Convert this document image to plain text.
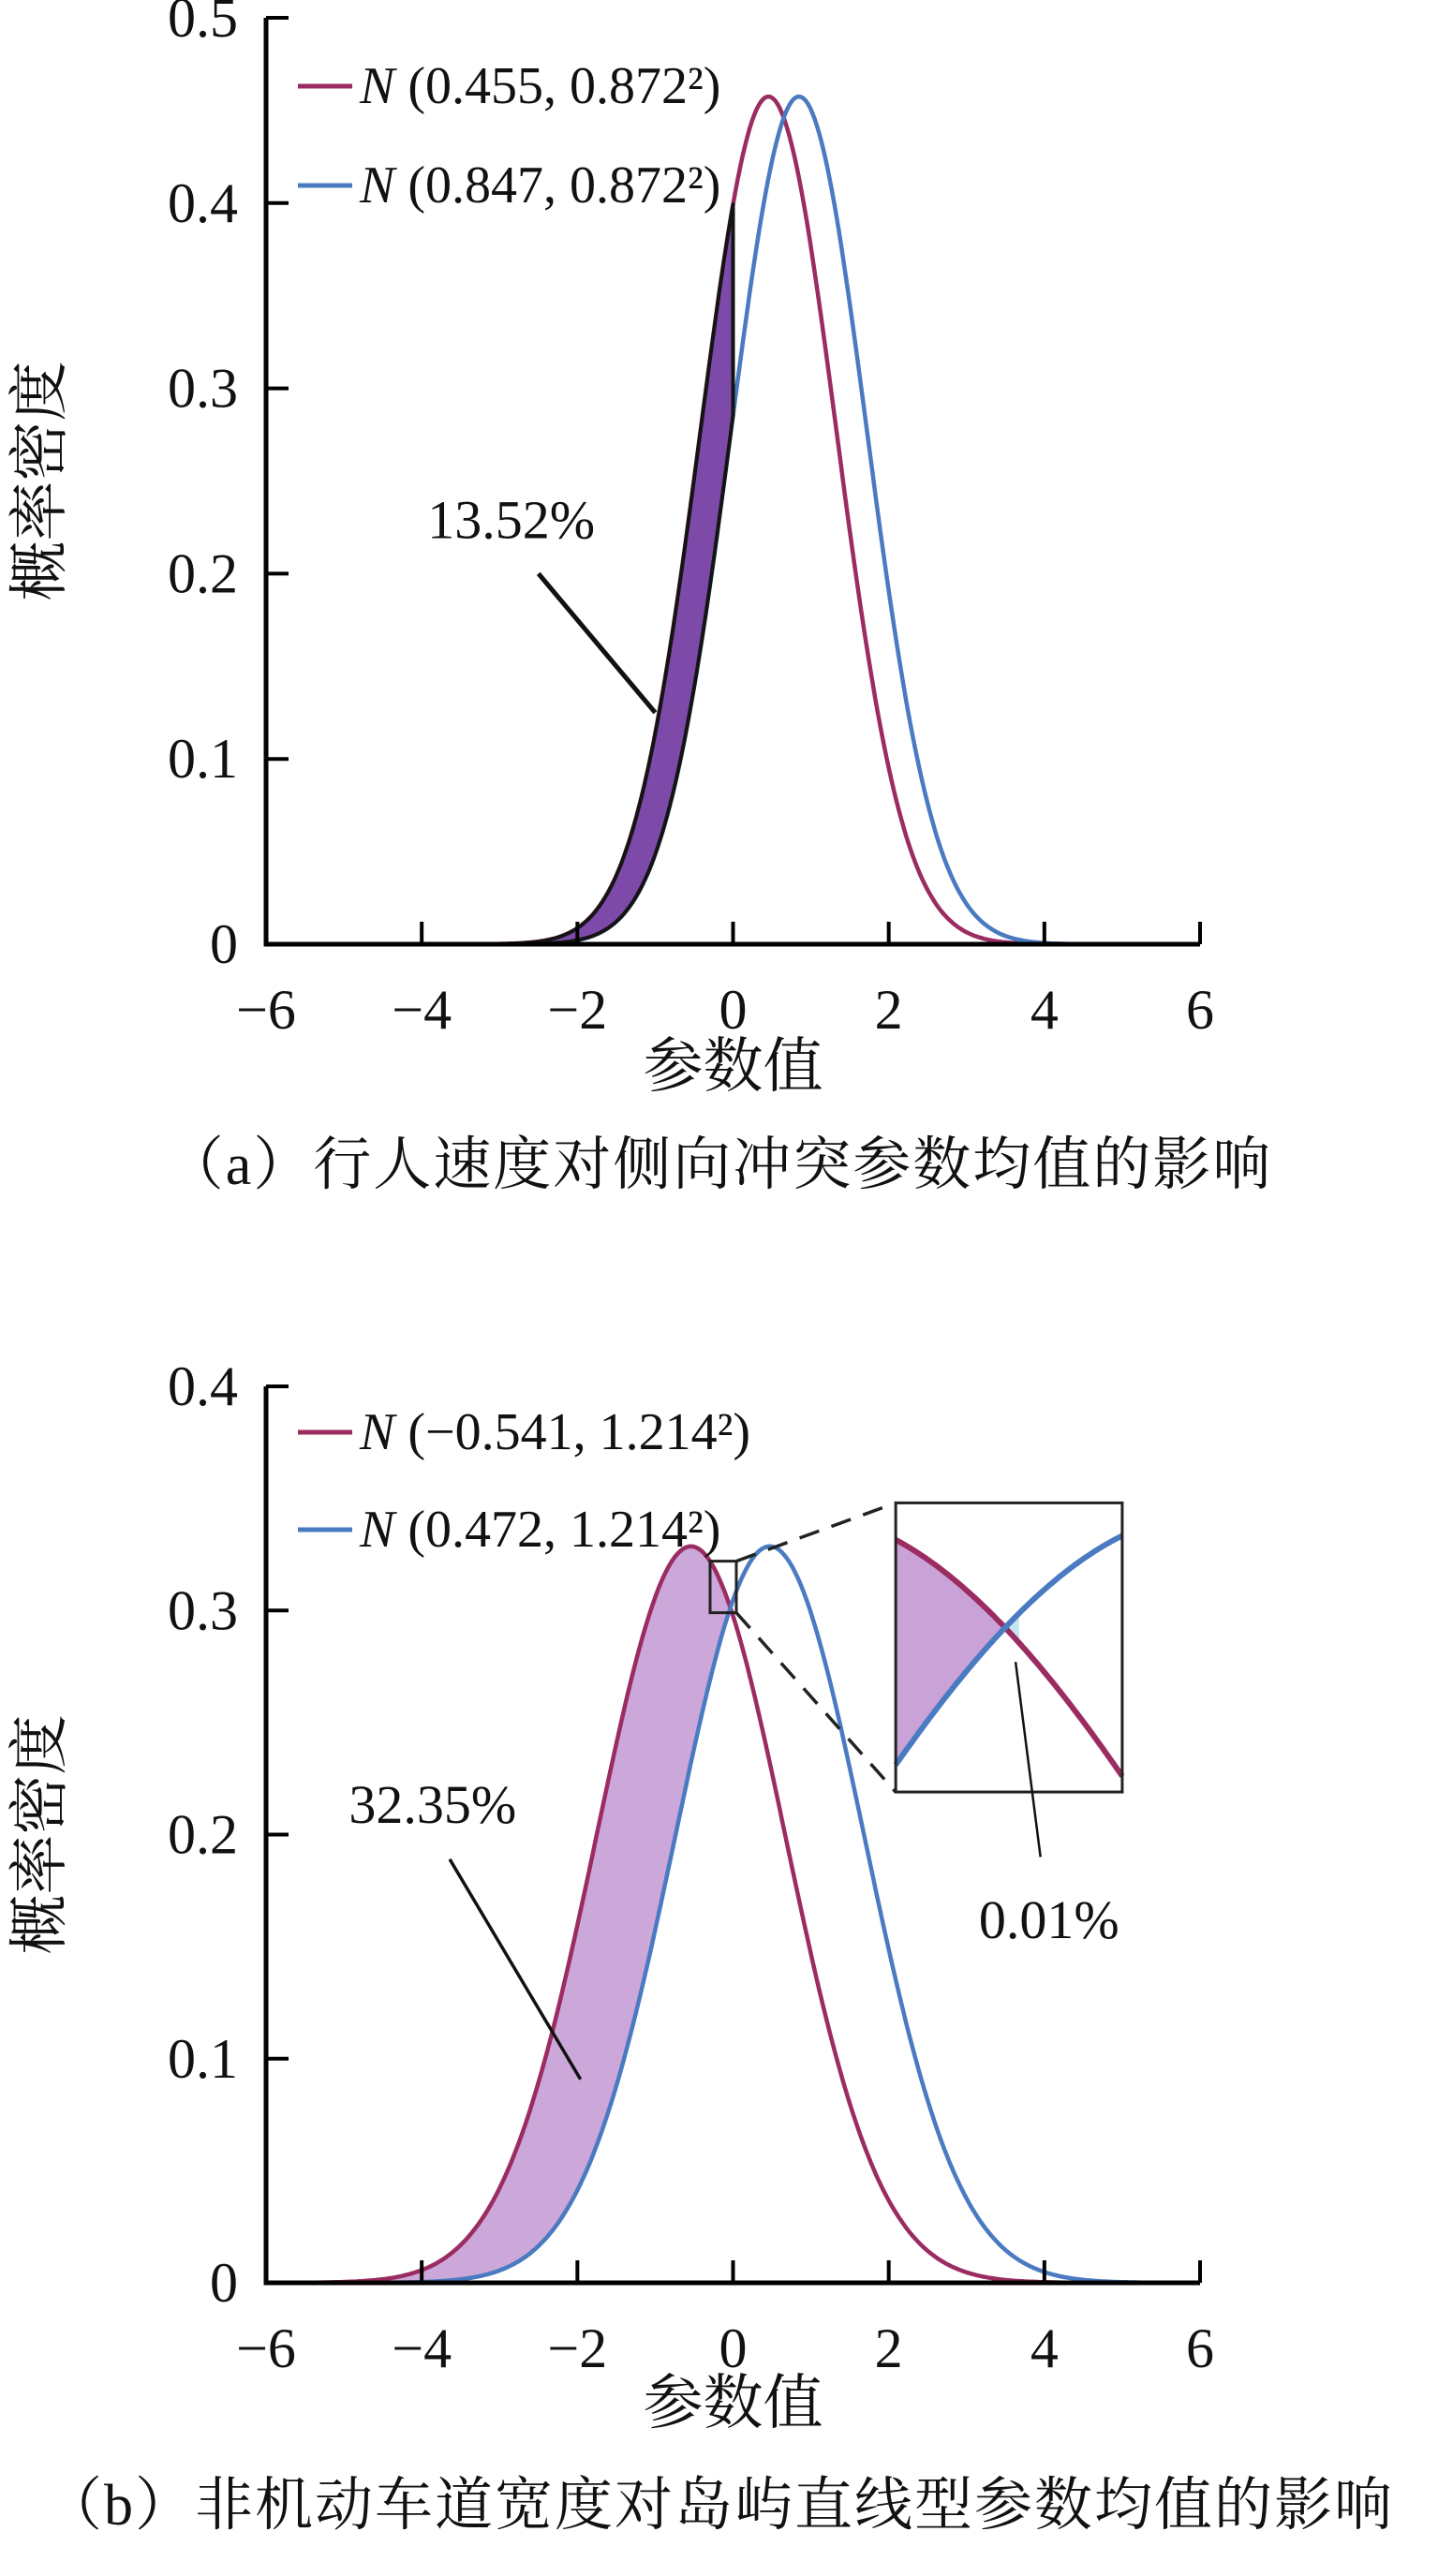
0
0.1
0.2
0.3
0.4
0.5
−6 −4 −2 0 2 4 6
参数值
概率密度
N (0.455, 0.872²)
N (0.847, 0.872²)
13.52%
（a）行人速度对侧向冲突参数均值的影响
0
0.1
0.2
0.3
0.4
−6 −4 −2 0 2 4 6
参数值
概率密度
N (−0.541, 1.214²)
N (0.472, 1.214²)
32.35%
0.01%
（b）非机动车道宽度对岛屿直线型参数均值的影响
